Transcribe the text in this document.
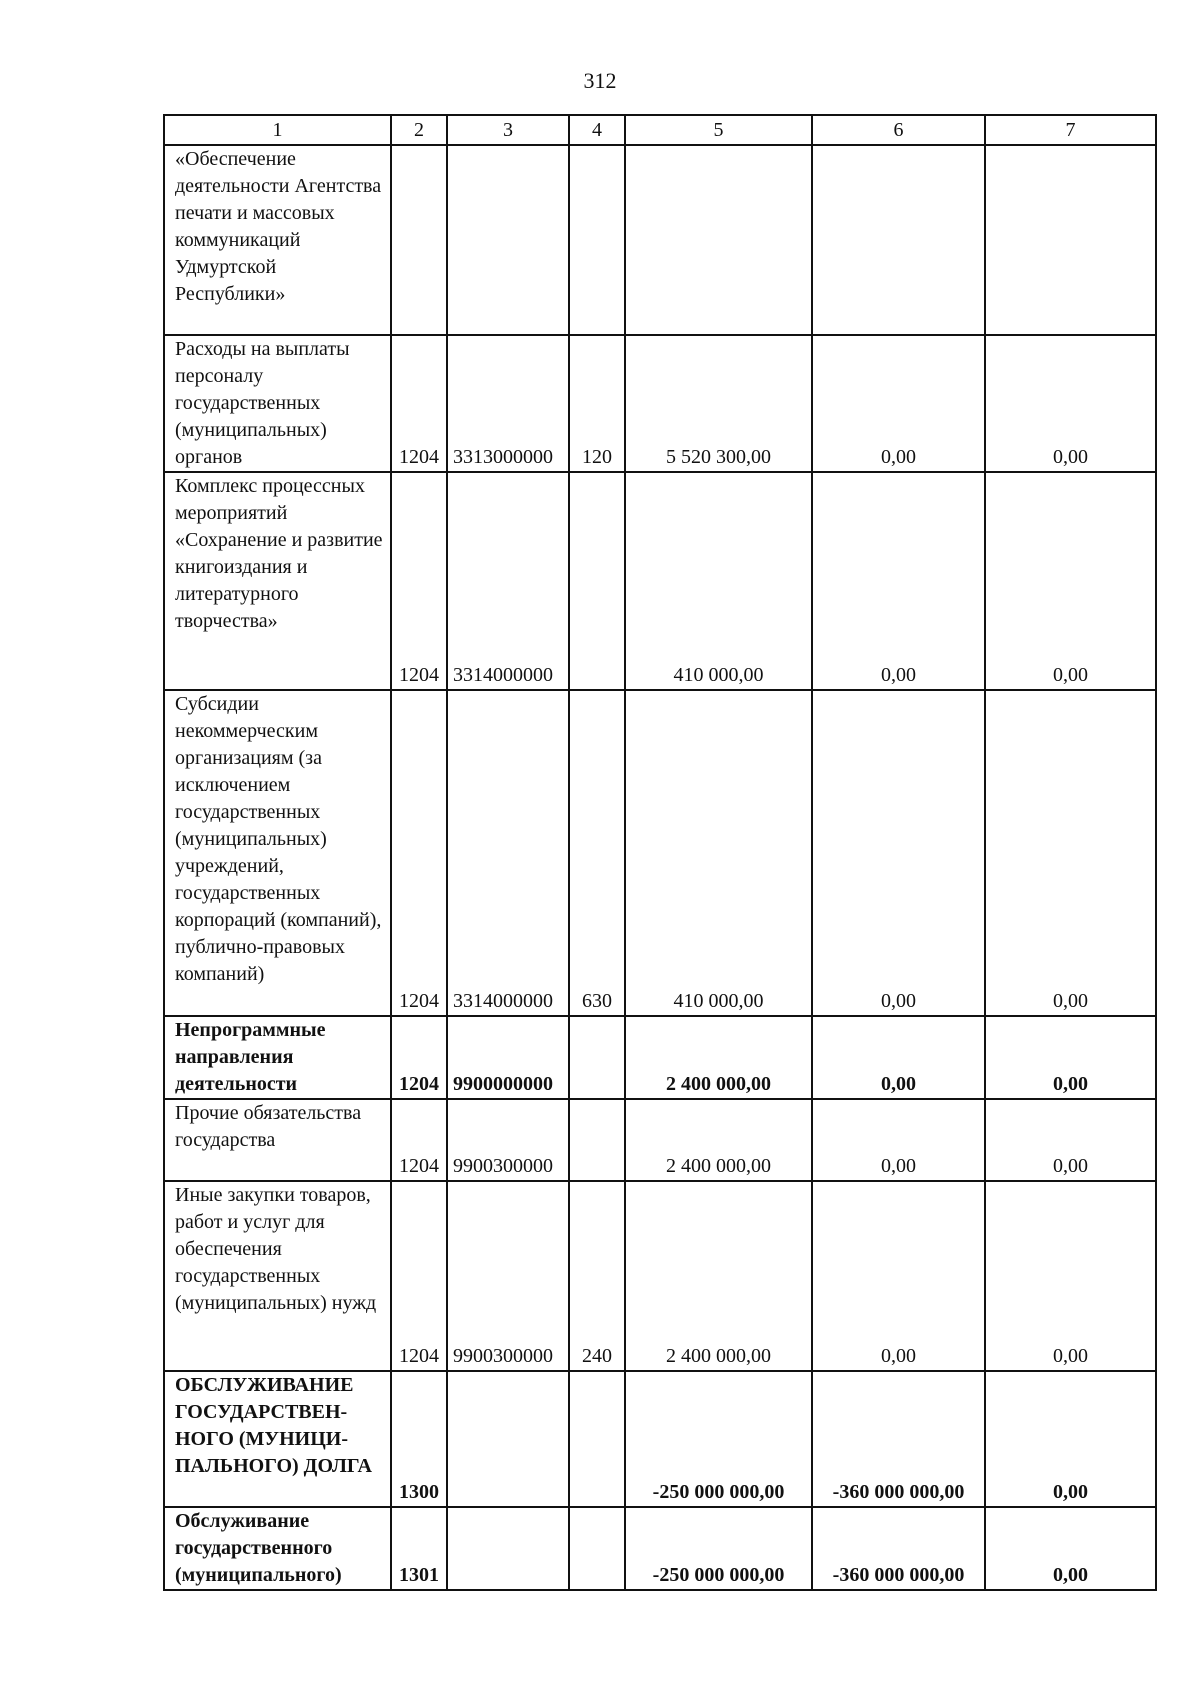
312
1	2	3	4	5	6	7
«Обеспечение деятельности Агентства печати и массовых коммуникаций Удмуртской Республики»						
Расходы на выплаты персоналу государственных (муниципальных) органов	1204	3313000000	120	5 520 300,00	0,00	0,00
Комплекс процессных мероприятий «Сохранение и развитие книгоиздания и литературного творчества»	1204	3314000000		410 000,00	0,00	0,00
Субсидии некоммерческим организациям (за исключением государственных (муниципальных) учреждений, государственных корпораций (компаний), публично-правовых компаний)	1204	3314000000	630	410 000,00	0,00	0,00
Непрограммные направления деятельности	1204	9900000000		2 400 000,00	0,00	0,00
Прочие обязательства государства	1204	9900300000		2 400 000,00	0,00	0,00
Иные закупки товаров, работ и услуг для обеспечения государственных (муниципальных) нужд	1204	9900300000	240	2 400 000,00	0,00	0,00
ОБСЛУЖИВАНИЕ ГОСУДАРСТВЕН-НОГО (МУНИЦИ-ПАЛЬНОГО) ДОЛГА	1300			-250 000 000,00	-360 000 000,00	0,00
Обслуживание государственного (муниципального)	1301			-250 000 000,00	-360 000 000,00	0,00
